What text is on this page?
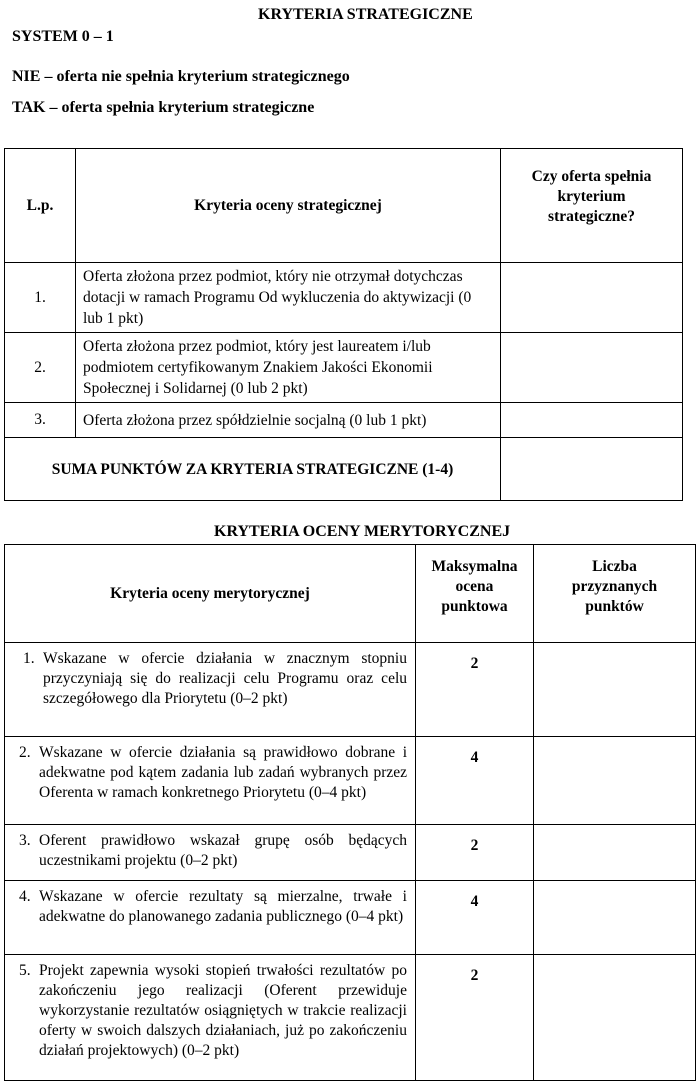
KRYTERIA STRATEGICZNE
SYSTEM 0 – 1
NIE – oferta nie spełnia kryterium strategicznego
TAK – oferta spełnia kryterium strategiczne
L.p.	Kryteria oceny strategicznej	Czy oferta spełnia kryterium strategiczne?
1.	Oferta złożona przez podmiot, który nie otrzymał dotychczas dotacji w ramach Programu Od wykluczenia do aktywizacji (0 lub 1 pkt)	
2.	Oferta złożona przez podmiot, który jest laureatem i/lub podmiotem certyfikowanym Znakiem Jakości Ekonomii Społecznej i Solidarnej (0 lub 2 pkt)	
3.	Oferta złożona przez spółdzielnie socjalną (0 lub 1 pkt)	
SUMA PUNKTÓW ZA KRYTERIA STRATEGICZNE (1-4)		
KRYTERIA OCENY MERYTORYCZNEJ
Kryteria oceny merytorycznej	Maksymalna ocena punktowa	Liczba przyznanych punktów

1. Wskazane w ofercie działania w znacznym stopniu przyczyniają się do realizacji celu Programu oraz celu szczegółowego dla Priorytetu (0–2 pkt)	2	

2. Wskazane w ofercie działania są prawidłowo dobrane i adekwatne pod kątem zadania lub zadań wybranych przez Oferenta w ramach konkretnego Priorytetu (0–4 pkt)	4	

3. Oferent prawidłowo wskazał grupę osób będących uczestnikami projektu (0–2 pkt)	2	

4. Wskazane w ofercie rezultaty są mierzalne, trwałe i adekwatne do planowanego zadania publicznego (0–4 pkt)	4	

5. Projekt zapewnia wysoki stopień trwałości rezultatów po zakończeniu jego realizacji (Oferent przewiduje wykorzystanie rezultatów osiągniętych w trakcie realizacji oferty w swoich dalszych działaniach, już po zakończeniu działań projektowych) (0–2 pkt)	2	
